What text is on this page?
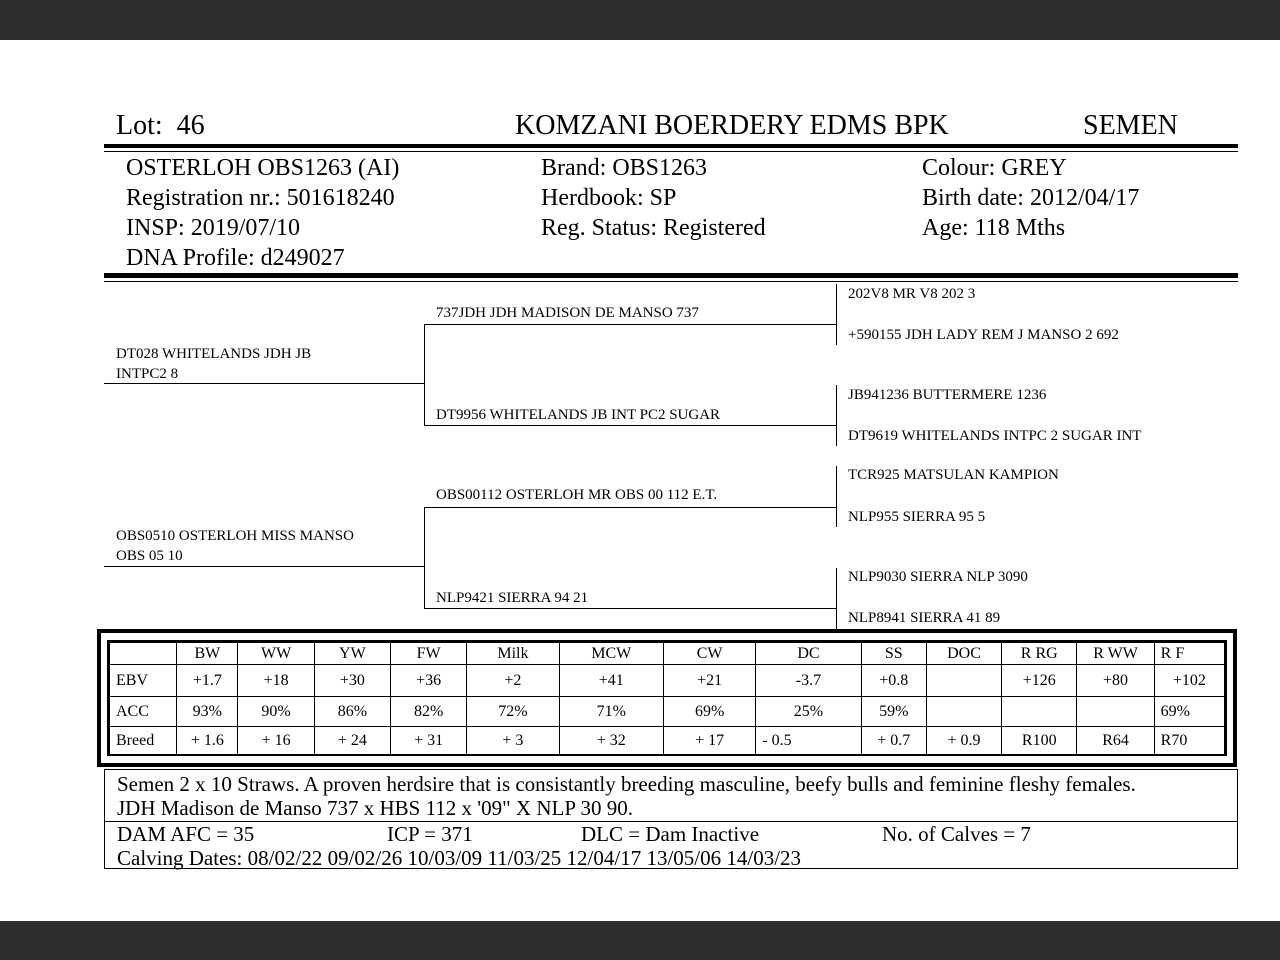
Lot: 46	KOMZANI BOERDERY EDMS BPK	SEMEN
OSTERLOH OBS1263 (AI)
Registration nr.: 501618240
INSP: 2019/07/10
DNA Profile: d249027
Brand: OBS1263
Herdbook: SP
Reg. Status: Registered
Colour: GREY
Birth date: 2012/04/17
Age: 118 Mths
DT028 WHITELANDS JDH JB
INTPC2 8
OBS0510 OSTERLOH MISS MANSO
OBS 05 10
737JDH JDH MADISON DE MANSO 737
DT9956 WHITELANDS JB INT PC2 SUGAR
OBS00112 OSTERLOH MR OBS 00 112 E.T.
NLP9421 SIERRA 94 21
202V8 MR V8 202 3
+590155 JDH LADY REM J MANSO 2 692
JB941236 BUTTERMERE 1236
DT9619 WHITELANDS INTPC 2 SUGAR INT
TCR925 MATSULAN KAMPION
NLP955 SIERRA 95 5
NLP9030 SIERRA NLP 3090
NLP8941 SIERRA 41 89
	BW	WW	YW	FW	Milk	MCW	CW	DC	SS	DOC	R RG	R WW	R F
EBV	+1.7	+18	+30	+36	+2	+41	+21	-3.7	+0.8		+126	+80	+102
ACC	93%	90%	86%	82%	72%	71%	69%	25%	59%				69%
Breed	+ 1.6	+ 16	+ 24	+ 31	+ 3	+ 32	+ 17	- 0.5	+ 0.7	+ 0.9	R100	R64	R70
Semen 2 x 10 Straws. A proven herdsire that is consistantly breeding masculine, beefy bulls and feminine fleshy females.
JDH Madison de Manso 737 x HBS 112 x '09" X NLP 30 90.
DAM AFC = 35	ICP = 371	DLC = Dam Inactive	No. of Calves = 7
Calving Dates: 08/02/22 09/02/26 10/03/09 11/03/25 12/04/17 13/05/06 14/03/23
